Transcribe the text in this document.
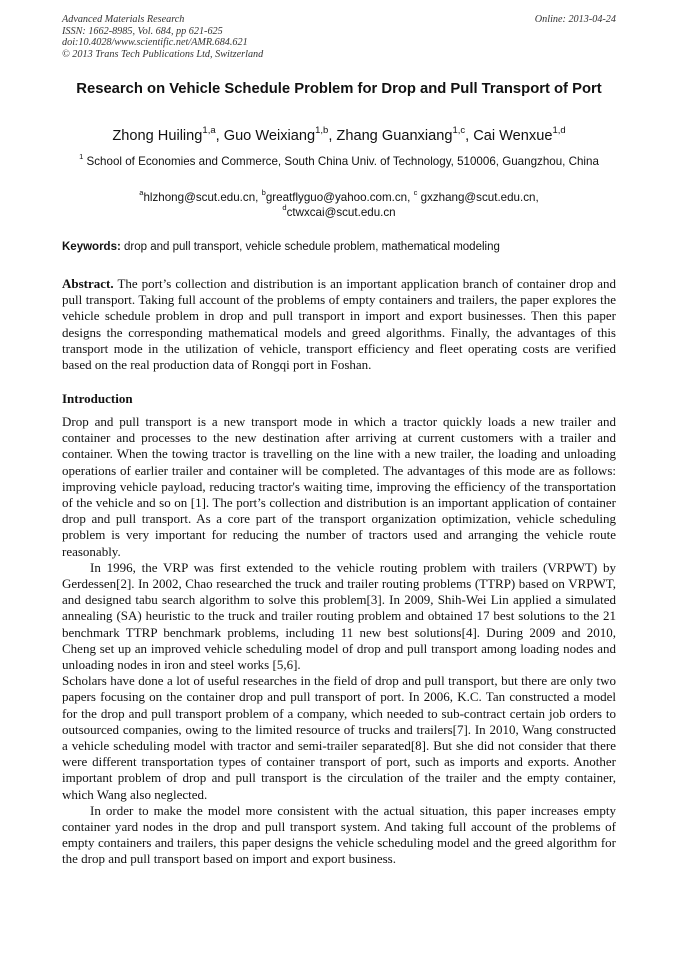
Advanced Materials Research
ISSN: 1662-8985, Vol. 684, pp 621-625
doi:10.4028/www.scientific.net/AMR.684.621
© 2013 Trans Tech Publications Ltd, Switzerland
Online: 2013-04-24
Research on Vehicle Schedule Problem for Drop and Pull Transport of Port
Zhong Huiling$^{1,a}$, Guo Weixiang$^{1,b}$, Zhang Guanxiang$^{1,c}$, Cai Wenxue$^{1,d}$
$^1$ School of Economies and Commerce, South China Univ. of Technology, 510006, Guangzhou, China
$^a$hlzhong@scut.edu.cn, $^b$greatflyguo@yahoo.com.cn, $^c$ gxzhang@scut.edu.cn,
$^d$ctwxcai@scut.edu.cn
Keywords: drop and pull transport, vehicle schedule problem, mathematical modeling
Abstract. The port’s collection and distribution is an important application branch of container drop and pull transport. Taking full account of the problems of empty containers and trailers, the paper explores the vehicle schedule problem in drop and pull transport in import and export businesses. Then this paper designs the corresponding mathematical models and greed algorithms. Finally, the advantages of this transport mode in the utilization of vehicle, transport efficiency and fleet operating costs are verified based on the real production data of Rongqi port in Foshan.
Introduction

Drop and pull transport is a new transport mode in which a tractor quickly loads a new trailer and container and processes to the new destination after arriving at current customers with a trailer and container. When the towing tractor is travelling on the line with a new trailer, the loading and unloading operations of earlier trailer and container will be completed. The advantages of this mode are as follows: improving vehicle payload, reducing tractor's waiting time, improving the efficiency of the transportation of the vehicle and so on [1]. The port’s collection and distribution is an important application of container drop and pull transport. As a core part of the transport organization optimization, vehicle scheduling problem is very important for reducing the number of tractors used and arranging the vehicle route reasonably.

In 1996, the VRP was first extended to the vehicle routing problem with trailers (VRPWT) by Gerdessen[2]. In 2002, Chao researched the truck and trailer routing problems (TTRP) based on VRPWT, and designed tabu search algorithm to solve this problem[3]. In 2009, Shih-Wei Lin applied a simulated annealing (SA) heuristic to the truck and trailer routing problem and obtained 17 best solutions to the 21 benchmark TTRP benchmark problems, including 11 new best solutions[4]. During 2009 and 2010, Cheng set up an improved vehicle scheduling model of drop and pull transport among loading nodes and unloading nodes in iron and steel works [5,6].

Scholars have done a lot of useful researches in the field of drop and pull transport, but there are only two papers focusing on the container drop and pull transport of port. In 2006, K.C. Tan constructed a model for the drop and pull transport problem of a company, which needed to sub-contract certain job orders to outsourced companies, owing to the limited resource of trucks and trailers[7]. In 2010, Wang constructed a vehicle scheduling model with tractor and semi-trailer separated[8]. But she did not consider that there were different transportation types of container transport of port, such as imports and exports. Another important problem of drop and pull transport is the circulation of the trailer and the empty container, which Wang also neglected.

In order to make the model more consistent with the actual situation, this paper increases empty container yard nodes in the drop and pull transport system. And taking full account of the problems of empty containers and trailers, this paper designs the vehicle scheduling model and the greed algorithm for the drop and pull transport based on import and export business.
